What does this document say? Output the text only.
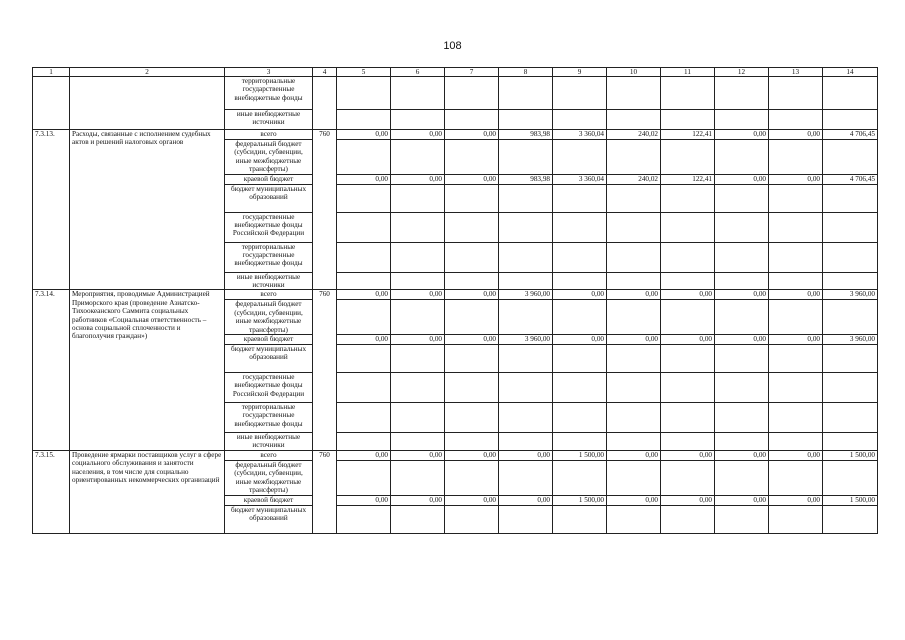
108
1	2	3	4	5	6	7	8	9	10	11	12	13	14
		территориальные государственные внебюджетные фонды											
		иные внебюджетные источники											
7.3.13.	Расходы, связанные с исполнением судебных актов и решений налоговых органов	всего	760	0,00	0,00	0,00	983,98	3 360,04	240,02	122,41	0,00	0,00	4 706,45
		федеральный бюджет (субсидии, субвенции, иные межбюджетные трансферты)											
		краевой бюджет		0,00	0,00	0,00	983,98	3 360,04	240,02	122,41	0,00	0,00	4 706,45
		бюджет муниципальных образований											
		государственные внебюджетные фонды Российской Федерации											
		территориальные государственные внебюджетные фонды											
		иные внебюджетные источники											
7.3.14.	Мероприятия, проводимые Администрацией Приморского края (проведение Азиатско-Тихоокеанского Саммита социальных работников «Социальная ответственность – основа социальной сплоченности и благополучия граждан»)	всего	760	0,00	0,00	0,00	3 960,00	0,00	0,00	0,00	0,00	0,00	3 960,00
		федеральный бюджет (субсидии, субвенции, иные межбюджетные трансферты)											
		краевой бюджет		0,00	0,00	0,00	3 960,00	0,00	0,00	0,00	0,00	0,00	3 960,00
		бюджет муниципальных образований											
		государственные внебюджетные фонды Российской Федерации											
		территориальные государственные внебюджетные фонды											
		иные внебюджетные источники											
7.3.15.	Проведение ярмарки поставщиков услуг в сфере социального обслуживания и занятости населения, в том числе для социально ориентированных некоммерческих организаций	всего	760	0,00	0,00	0,00	0,00	1 500,00	0,00	0,00	0,00	0,00	1 500,00
		федеральный бюджет (субсидии, субвенции, иные межбюджетные трансферты)											
		краевой бюджет		0,00	0,00	0,00	0,00	1 500,00	0,00	0,00	0,00	0,00	1 500,00
		бюджет муниципальных образований											
